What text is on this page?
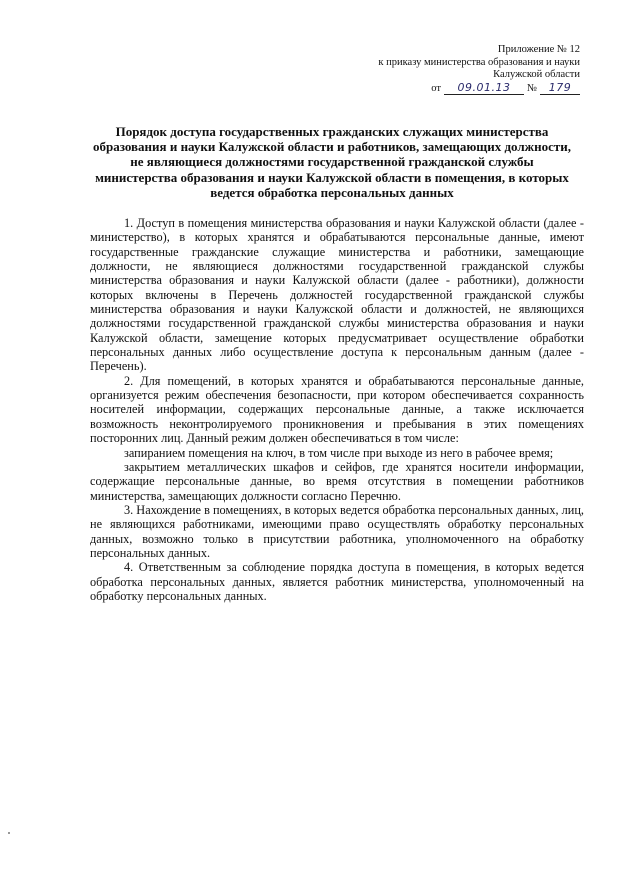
Приложение № 12
к приказу министерства образования и науки
Калужской области
от	09.01.13	№	179
Порядок доступа государственных гражданских служащих министерства образования и науки Калужской области и работников, замещающих должности, не являющиеся должностями государственной гражданской службы министерства образования и науки Калужской области в помещения, в которых ведется обработка персональных данных

1. Доступ в помещения министерства образования и науки Калужской области (далее - министерство), в которых хранятся и обрабатываются персональные данные, имеют государственные гражданские служащие министерства и работники, замещающие должности, не являющиеся должностями государственной гражданской службы министерства образования и науки Калужской области (далее - работники), должности которых включены в Перечень должностей государственной гражданской службы министерства образования и науки Калужской области и должностей, не являющихся должностями государственной гражданской службы министерства образования и науки Калужской области, замещение которых предусматривает осуществление обработки персональных данных либо осуществление доступа к персональным данным (далее - Перечень).

2. Для помещений, в которых хранятся и обрабатываются персональные данные, организуется режим обеспечения безопасности, при котором обеспечивается сохранность носителей информации, содержащих персональные данные, а также исключается возможность неконтролируемого проникновения и пребывания в этих помещениях посторонних лиц. Данный режим должен обеспечиваться в том числе:

запиранием помещения на ключ, в том числе при выходе из него в рабочее время;

закрытием металлических шкафов и сейфов, где хранятся носители информации, содержащие персональные данные, во время отсутствия в помещении работников министерства, замещающих должности согласно Перечню.

3. Нахождение в помещениях, в которых ведется обработка персональных данных, лиц, не являющихся работниками, имеющими право осуществлять обработку персональных данных, возможно только в присутствии работника, уполномоченного на обработку персональных данных.

4. Ответственным за соблюдение порядка доступа в помещения, в которых ведется обработка персональных данных, является работник министерства, уполномоченный на обработку персональных данных.
